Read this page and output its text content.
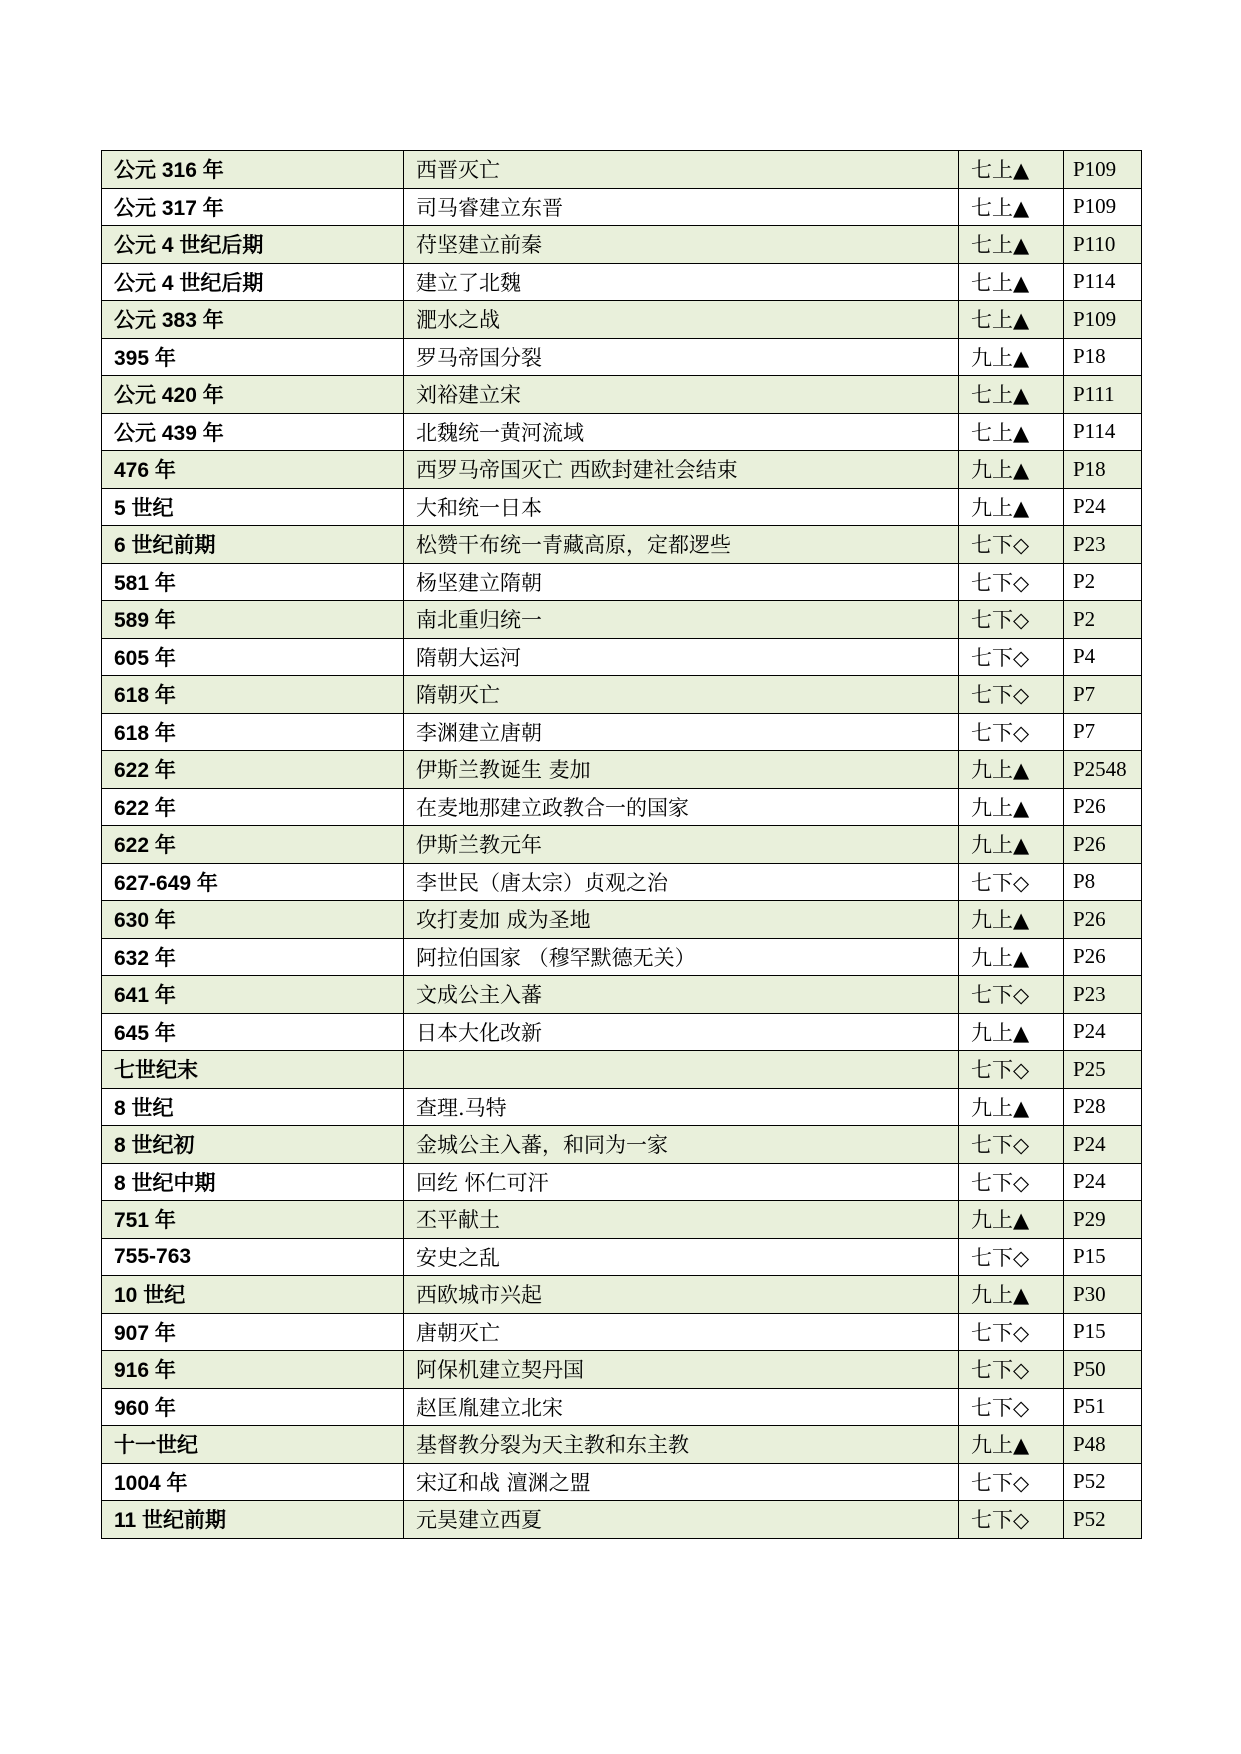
公元 316 年	西晋灭亡	七上▲	P109
公元 317 年	司马睿建立东晋	七上▲	P109
公元 4 世纪后期	苻坚建立前秦	七上▲	P110
公元 4 世纪后期	建立了北魏	七上▲	P114
公元 383 年	淝水之战	七上▲	P109
395 年	罗马帝国分裂	九上▲	P18
公元 420 年	刘裕建立宋	七上▲	P111
公元 439 年	北魏统一黄河流域	七上▲	P114
476 年	西罗马帝国灭亡 西欧封建社会结束	九上▲	P18
5 世纪	大和统一日本	九上▲	P24
6 世纪前期	松赞干布统一青藏高原，定都逻些	七下◇	P23
581 年	杨坚建立隋朝	七下◇	P2
589 年	南北重归统一	七下◇	P2
605 年	隋朝大运河	七下◇	P4
618 年	隋朝灭亡	七下◇	P7
618 年	李渊建立唐朝	七下◇	P7
622 年	伊斯兰教诞生 麦加	九上▲	P2548
622 年	在麦地那建立政教合一的国家	九上▲	P26
622 年	伊斯兰教元年	九上▲	P26
627-649 年	李世民（唐太宗）贞观之治	七下◇	P8
630 年	攻打麦加 成为圣地	九上▲	P26
632 年	阿拉伯国家 （穆罕默德无关）	九上▲	P26
641 年	文成公主入蕃	七下◇	P23
645 年	日本大化改新	九上▲	P24
七世纪末		七下◇	P25
8 世纪	查理.马特	九上▲	P28
8 世纪初	金城公主入蕃，和同为一家	七下◇	P24
8 世纪中期	回纥 怀仁可汗	七下◇	P24
751 年	丕平献土	九上▲	P29
755-763	安史之乱	七下◇	P15
10 世纪	西欧城市兴起	九上▲	P30
907 年	唐朝灭亡	七下◇	P15
916 年	阿保机建立契丹国	七下◇	P50
960 年	赵匡胤建立北宋	七下◇	P51
十一世纪	基督教分裂为天主教和东主教	九上▲	P48
1004 年	宋辽和战 澶渊之盟	七下◇	P52
11 世纪前期	元昊建立西夏	七下◇	P52
